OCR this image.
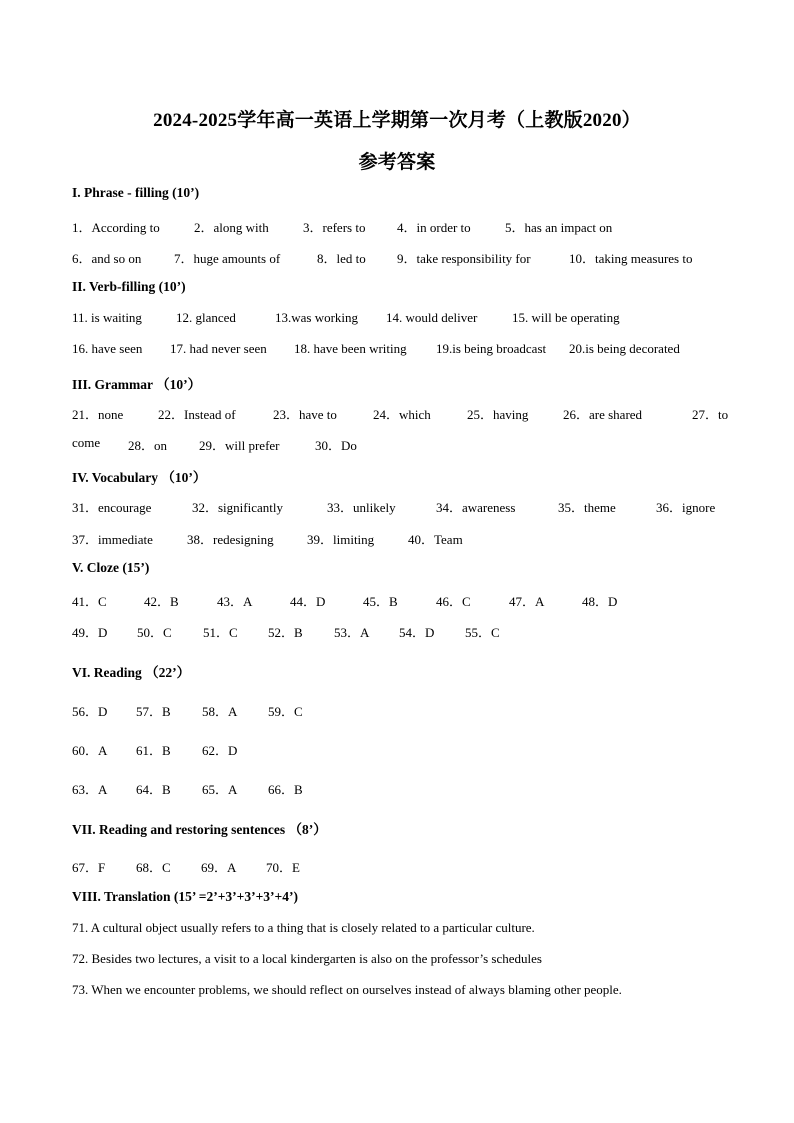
2024-2025学年高一英语上学期第一次月考（上教版2020）
参考答案
I. Phrase - filling (10’)
1．According to	2．along with	3．refers to 4．in order to	5．has an impact on
6．and so on	7．huge amounts of	8．led to 9．take responsibility for	10．taking measures to
II. Verb-filling (10’)
11. is waiting	12. glanced	13.was working 14. would deliver	15. will be operating
16. have seen 17. had never seen 18. have been writing 19.is being broadcast 20.is being decorated
III. Grammar （10’）
21．none	22．Instead of	23．have to	24．which	25．having	26．are shared	27．to
come 28．on 29．will prefer	30．Do
IV. Vocabulary （10’）
31．encourage	32．significantly	33．unlikely	34．awareness	35．theme	36．ignore
37．immediate	38．redesigning	39．limiting	40．Team
V. Cloze (15’)
41．C	42．B	43．A	44．D	45．B	46．C	47．A	48．D
49．D 50．C 51．C 52．B 53．A 54．D 55．C
VI. Reading （22’）
56．D 57．B 58．A 59．C
60．A 61．B 62．D
63．A 64．B 65．A 66．B
VII. Reading and restoring sentences （8’）
67．F 68．C 69．A 70．E
VIII. Translation (15’ =2’+3’+3’+3’+4’)
71. A cultural object usually refers to a thing that is closely related to a particular culture.
72. Besides two lectures, a visit to a local kindergarten is also on the professor’s schedules
73. When we encounter problems, we should reflect on ourselves instead of always blaming other people.
